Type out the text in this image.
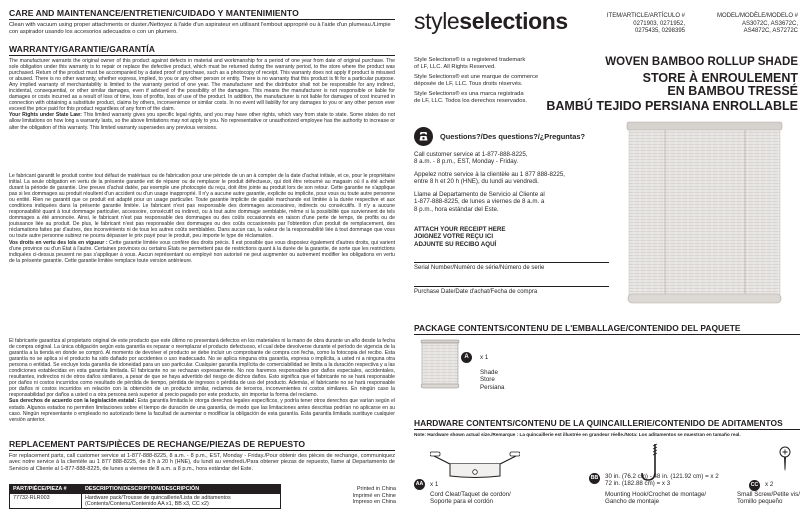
CARE AND MAINTENANCE/ENTRETIEN/CUIDADO Y MANTENIMIENTO
Clean with vacuum using proper attachments or duster./Nettoyez à l'aide d'un aspirateur en utilisant l'embout approprié ou à l'aide d'un plumeau./Limpie con aspirador usando los accesorios adecuados o con un plumero.
WARRANTY/GARANTIE/GARANTÍA
The manufacturer warrants the original owner of this product against defects in material and workmanship for a period of one year from date of original purchase. The sole obligation under this warranty is to repair or replace the defective product, which must be returned during the warranty period, to the store where the product was purchased. Return of the product must be accompanied by a dated proof of purchase, such as a photocopy of receipt. This warranty does not apply if product is misused or abused. There is no other warranty, whether express, implied, to you or any other person or entity. There is no warranty that this product is fit for a particular purpose. Any implied warranty of merchantability is limited to the warranty period of one year. The manufacturer and the distributor shall not be responsible for any indirect, incidental, consequential, or other similar damages, even if advised of the possibility of the damages. This means the manufacturer is not responsible or liable for damages or costs incurred as a result of loss of time, loss of profits, loss of use of the product. In addition, the manufacturer is not liable for damages of cost incurred in connection with obtaining a substitute product, claims by others, inconvenience or similar costs. In no event will liability for any damages to you or any other person ever exceed the price paid for this product regardless of any form of the claim.
Your Rights under State Law: This limited warranty gives you specific legal rights, and you may have other rights, which vary from state to state. Some states do not allow limitations on how long a warranty lasts, so the above limitations may not apply to you. No representative or unauthorized employee has the authority to increase or alter the obligation of this warranty. This limited warranty supersedes any previous versions.
Le fabricant garantit le produit contre tout défaut de matériaux ou de fabrication pour une période de un an à compter de la date d'achat initiale, et ce, pour le propriétaire initial. La seule obligation en vertu de la présente garantie est de réparer ou de remplacer le produit défectueux, qui doit être retourné au magasin où il a été acheté durant la période de garantie. Une preuve d'achat datée, par exemple une photocopie du reçu, doit être jointe au produit lors de son retour. Cette garantie ne s'applique pas si les dommages au produit résultent d'un accident ou d'un usage inapproprié. Il n'y a aucune autre garantie, explicite ou implicite, pour vous ou toute autre personne ou entité. Rien ne garantit que ce produit est adapté pour un usage particulier. Toute garantie implicite de qualité marchande est limitée à la durée respective et aux conditions indiquées dans la présente garantie limitée. Le fabricant n'est pas responsable des dommages accessoires, indirects ou consécutifs. Il n'y a aucune responsabilité quant à tout dommage particulier, accessoire, consécutif ou indirect, ou à tout autre dommage semblable, même si la possibilité que surviennent de tels dommages a été annoncée. Ainsi, le fabricant n'est pas responsable des dommages ou des coûts occasionnés en raison d'une perte de temps, de profits ou de jouissance liée au produit. De plus, le fabricant n'est pas responsable des dommages ou des coûts occasionnés par l'obtention d'un produit de remplacement, des réclamations faites par d'autres, des inconvénients ni de tous les autres coûts semblables. Dans aucun cas, la valeur de la responsabilité liée à tout dommage que vous ou toute autre personne subirez ne pourra dépasser le prix payé pour le produit, peu importe le type de réclamation.
Vos droits en vertu des lois en vigueur : Cette garantie limitée vous confère des droits précis. Il est possible que vous disposiez également d'autres droits, qui varient d'une province ou d'un État à l'autre. Certaines provinces ou certains États ne permettent pas de restrictions quant à la durée de la garantie, de sorte que les restrictions indiquées ci-dessus peuvent ne pas s'appliquer à vous. Aucun représentant ou employé non autorisé ne peut augmenter ou autrement modifier les obligations en vertu de la présente garantie. Cette garantie limitée remplace toute version antérieure.
El fabricante garantiza al propietario original de este producto que este último no presentará defectos en los materiales ni la mano de obra durante un año desde la fecha de compra original. La única obligación según esta garantía es reparar o reemplazar el producto defectuoso, el cual debe devolverse durante el período de vigencia de la garantía a la tienda en donde se compró. Al momento de devolver el producto se debe incluir un comprobante de compra con fecha, como la fotocopia del recibo. Esta garantía no se aplica si el producto ha sido dañado por accidentes o uso inadecuado. No se aplica ninguna otra garantía, expresa o implícita, a usted ni a ninguna otra persona o entidad. Se excluye toda garantía de idoneidad para un uso particular. Cualquier garantía implícita de comerciabilidad se limita a la duración respectiva y a las condiciones establecidas en esta garantía limitada. El fabricante no se rechazan expresamente. No nos haremos responsables por daños especiales, accidentales, resultantes, indirectos ni de otros daños similares, a pesar de que se haya advertido del riesgo de dichos daños. Esto significa que el fabricante no se hará responsable por daños ni costos incurridos como resultado de pérdida de tiempo, pérdida de ingresos o pérdida de uso del producto. Además, el fabricante no se hará responsable por daños ni costos incurridos en relación con la obtención de un producto similar, reclamos de terceros, inconvenientes ni costos similares. En ningún caso la responsabilidad por daños a usted o a otra persona será superior al precio pagado por este producto, sin importar la forma del reclamo.
Sus derechos de acuerdo con la legislación estatal: Esta garantía limitada le otorga derechos legales específicos, y podría tener otros derechos que varían según el estado. Algunos estados no permiten limitaciones sobre el tiempo de duración de una garantía, de modo que las limitaciones antes descritas podrían no aplicarse en su caso. Ningún representante o empleado no autorizado tiene la facultad de aumentar o modificar la obligación de esta garantía. Esta garantía limitada sustituye cualquier versión anterior.
REPLACEMENT PARTS/PIÈCES DE RECHANGE/PIEZAS DE REPUESTO
For replacement parts, call customer service at 1-877-888-8225, 8 a.m. - 8 p.m., EST, Monday - Friday./Pour obtenir des pièces de rechange, communiquez avec notre service à la clientèle au 1 877 888-8225, de 8 h à 20 h (HNE), du lundi au vendredi./Para obtener piezas de repuesto, llame al Departamento de Servicio al Cliente al 1-877-888-8225, de lunes a viernes de 8 a.m. a 8 p.m., hora estándar del Este.
PART/PIÈCE/PIEZA #	DESCRIPTION/DESCRIPTION/DESCRIPCIÓN
77732-RLR003	Hardware pack/Trousse de quincaillerie/Lista de aditamentos (Contents/Contenu/Contenido AA x1, BB x3, CC x2)
Printed in China
Imprimé en Chine
Impreso en China
styleselections	ITEM/ARTICLE/ARTÍCULO #
0271903, 0271952,
0275435, 0298395
MODEL/MODÈLE/MODELO #
AS3072C, AS3672C,
AS4872C, AS7272C
Style Selections® is a registered trademark
of LF, LLC. All Rights Reserved.
Style Selections® est une marque de commerce
déposée de LF, LLC. Tous droits réservés.
Style Selections® es una marca registrada
de LF, LLC. Todos los derechos reservados.
WOVEN BAMBOO ROLLUP SHADE
STORE À ENROULEMENT
EN BAMBOU TRESSÉ
BAMBÚ TEJIDO PERSIANA ENROLLABLE
Questions?/Des questions?/¿Preguntas?
Call customer service at 1-877-888-8225,
8 a.m. - 8 p.m., EST, Monday - Friday.
Appelez notre service à la clientèle au 1 877 888-8225,
entre 8 h et 20 h (HNE), du lundi au vendredi.
Llame al Departamento de Servicio al Cliente al
1-877-888-8225, de lunes a viernes de 8 a.m. a
8 p.m., hora estándar del Este.
ATTACH YOUR RECEIPT HERE
JOIGNEZ VOTRE REÇU ICI
ADJUNTE SU RECIBO AQUÍ
Serial Number/Numéro de série/Número de serie
Purchase Date/Date d'achat/Fecha de compra
PACKAGE CONTENTS/CONTENU DE L'EMBALLAGE/CONTENIDO DEL PAQUETE
A	x 1
Shade
Store
Persiana
HARDWARE CONTENTS/CONTENU DE LA QUINCAILLERIE/CONTENIDO DE ADITAMENTOS
Note: Hardware shown actual size./Remarque : La quincaillerie est illustrée en grandeur réelle./Nota: Los aditamentos se muestran en tamaño real.
AA x 1
Cord Cleat/Taquet de cordon/
Soporte para el cordón
BB 30 in. (76.2 cm) - 48 in. (121.92 cm) = x 2
72 in. (182.88 cm) = x 3
Mounting Hook/Crochet de montage/
Gancho de montaje
CC x 2
Small Screw/Petite vis/
Tornillo pequeño
